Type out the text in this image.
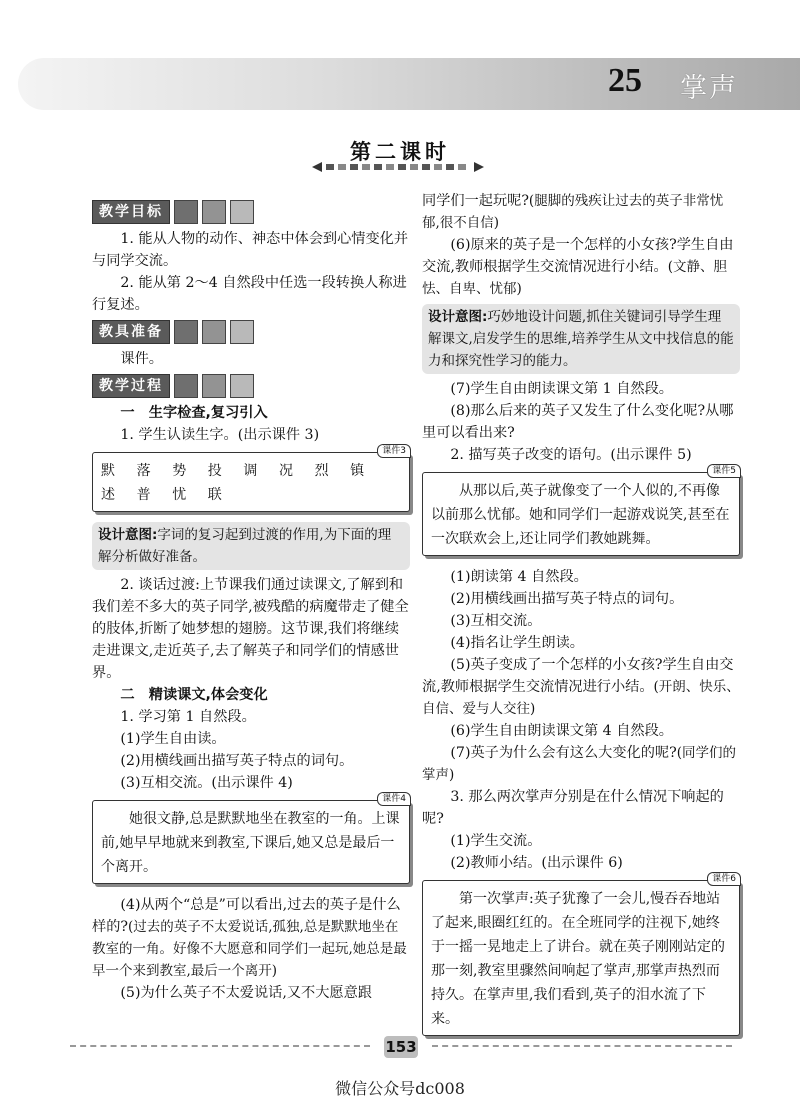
25 掌声
第二课时
教学目标

1. 能从人物的动作、神态中体会到心情变化并与同学交流。

2. 能从第 2～4 自然段中任选一段转换人称进行复述。

教具准备

课件。

教学过程

一　生字检查,复习引入

1. 学生认读生字。(出示课件 3)

课件3
默 落 势 投 调 况 烈 镇述 普 忧 联
设计意图:字词的复习起到过渡的作用,为下面的理解分析做好准备。

2. 谈话过渡:上节课我们通过读课文,了解到和我们差不多大的英子同学,被残酷的病魔带走了健全的肢体,折断了她梦想的翅膀。这节课,我们将继续走进课文,走近英子,去了解英子和同学们的情感世界。

二　精读课文,体会变化

1. 学习第 1 自然段。

(1)学生自由读。

(2)用横线画出描写英子特点的词句。

(3)互相交流。(出示课件 4)

课件4
她很文静,总是默默地坐在教室的一角。上课前,她早早地就来到教室,下课后,她又总是最后一个离开。

(4)从两个“总是”可以看出,过去的英子是什么样的?(过去的英子不太爱说话,孤独,总是默默地坐在教室的一角。好像不大愿意和同学们一起玩,她总是最早一个来到教室,最后一个离开)

(5)为什么英子不太爱说话,又不大愿意跟

同学们一起玩呢?(腿脚的残疾让过去的英子非常忧郁,很不自信)

(6)原来的英子是一个怎样的小女孩?学生自由交流,教师根据学生交流情况进行小结。(文静、胆怯、自卑、忧郁)

设计意图:巧妙地设计问题,抓住关键词引导学生理解课文,启发学生的思维,培养学生从文中找信息的能力和探究性学习的能力。

(7)学生自由朗读课文第 1 自然段。

(8)那么后来的英子又发生了什么变化呢?从哪里可以看出来?

2. 描写英子改变的语句。(出示课件 5)

课件5
从那以后,英子就像变了一个人似的,不再像以前那么忧郁。她和同学们一起游戏说笑,甚至在一次联欢会上,还让同学们教她跳舞。

(1)朗读第 4 自然段。

(2)用横线画出描写英子特点的词句。

(3)互相交流。

(4)指名让学生朗读。

(5)英子变成了一个怎样的小女孩?学生自由交流,教师根据学生交流情况进行小结。(开朗、快乐、自信、爱与人交往)

(6)学生自由朗读课文第 4 自然段。

(7)英子为什么会有这么大变化的呢?(同学们的掌声)

3. 那么两次掌声分别是在什么情况下响起的呢?

(1)学生交流。

(2)教师小结。(出示课件 6)

课件6
第一次掌声:英子犹豫了一会儿,慢吞吞地站了起来,眼圈红红的。在全班同学的注视下,她终于一摇一晃地走上了讲台。就在英子刚刚站定的那一刻,教室里骤然间响起了掌声,那掌声热烈而持久。在掌声里,我们看到,英子的泪水流了下来。
153
微信公众号dc008
